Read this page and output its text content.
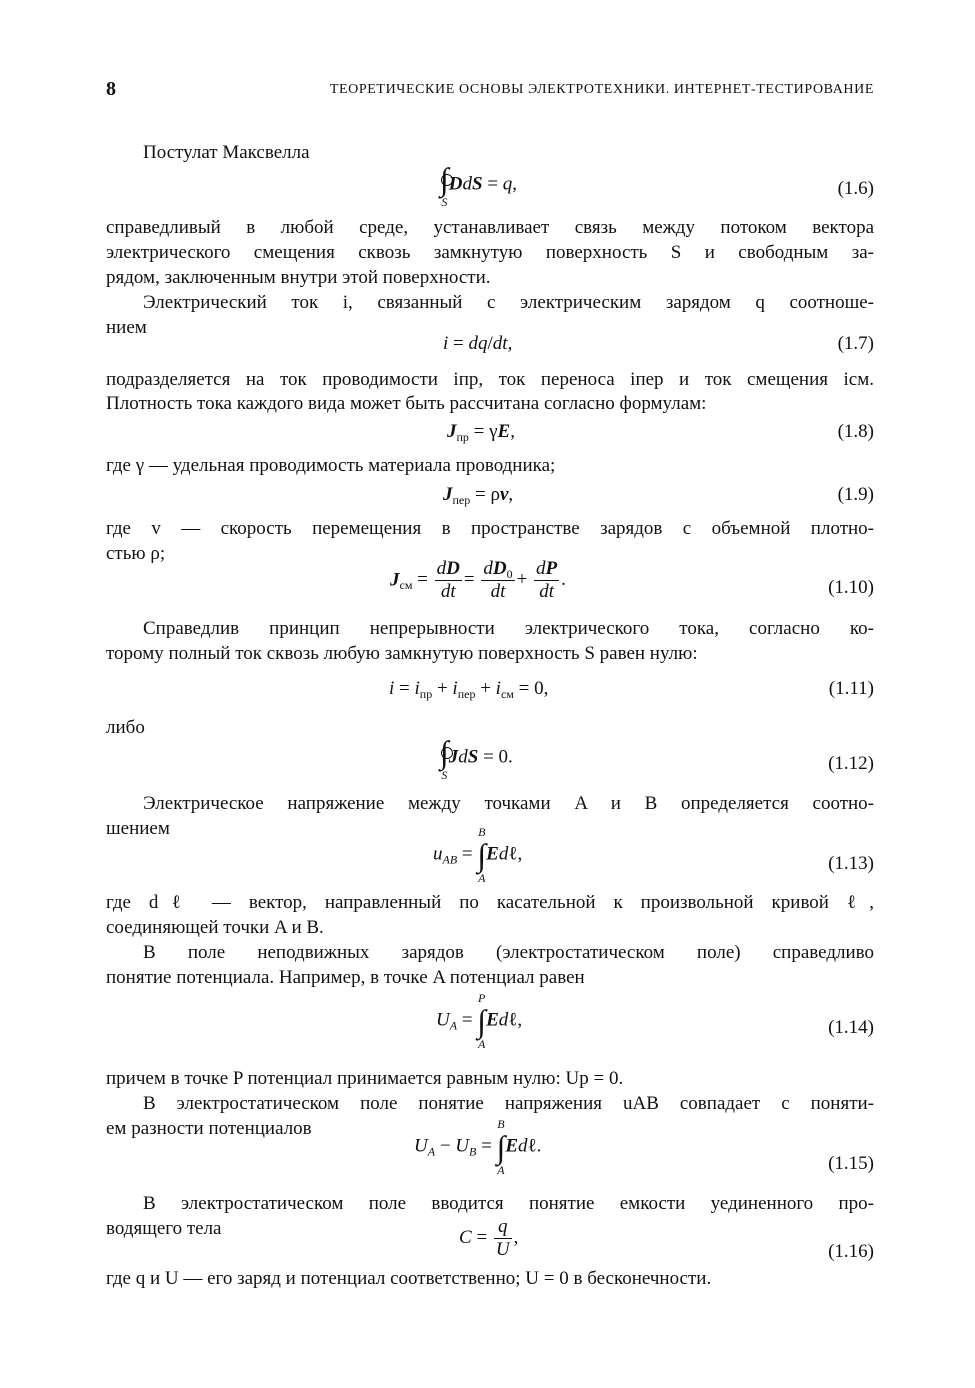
8	ТЕОРЕТИЧЕСКИЕ ОСНОВЫ ЭЛЕКТРОТЕХНИКИ. ИНТЕРНЕТ-ТЕСТИРОВАНИЕ
Постулат Максвелла
∫
S
DdS = q,	(1.6)
справедливый в любой среде, устанавливает связь между потоком вектора
электрического смещения сквозь замкнутую поверхность S и свободным за-
рядом, заключенным внутри этой поверхности.
Электрический ток i, связанный с электрическим зарядом q соотноше-
нием
i = dq/dt,	(1.7)
подразделяется на ток проводимости iпр, ток переноса iпер и ток смещения iсм.
Плотность тока каждого вида может быть рассчитана согласно формулам:
$J_{пр} = \gamma E$,	(1.8)
где γ — удельная проводимость материала проводника;
$J_{пер} = \rho v$,	(1.9)
где v — скорость перемещения в пространстве зарядов с объемной плотно-
стью ρ;
$J_{см} = \frac{dD}{dt} = \frac{dD_0}{dt} + \frac{dP}{dt}$ .	(1.10)
Справедлив принцип непрерывности электрического тока, согласно ко-
торому полный ток сквозь любую замкнутую поверхность S равен нулю:
$i = i_{пр} + i_{пер} + i_{см} = 0$,	(1.11)
либо
∫
S
JdS = 0.	(1.12)
Электрическое напряжение между точками A и B определяется соотно-
шением
$u_{AB}$ =
B
∫
A
Edℓ,	(1.13)
где dℓ — вектор, направленный по касательной к произвольной кривой ℓ,
соединяющей точки A и B.
В поле неподвижных зарядов (электростатическом поле) справедливо
понятие потенциала. Например, в точке A потенциал равен
$U_A$ =
P
∫
A
Edℓ,	(1.14)
причем в точке P потенциал принимается равным нулю: Up = 0.
В электростатическом поле понятие напряжения uAB совпадает с поняти-
ем разности потенциалов
$U_A - U_B$ =
B
∫
A
Edℓ.
(1.15)
В электростатическом поле вводится понятие емкости уединенного про-
водящего тела	$C = \frac{q}{U}$ ,
(1.16)
где q и U — его заряд и потенциал соответственно; U = 0 в бесконечности.
